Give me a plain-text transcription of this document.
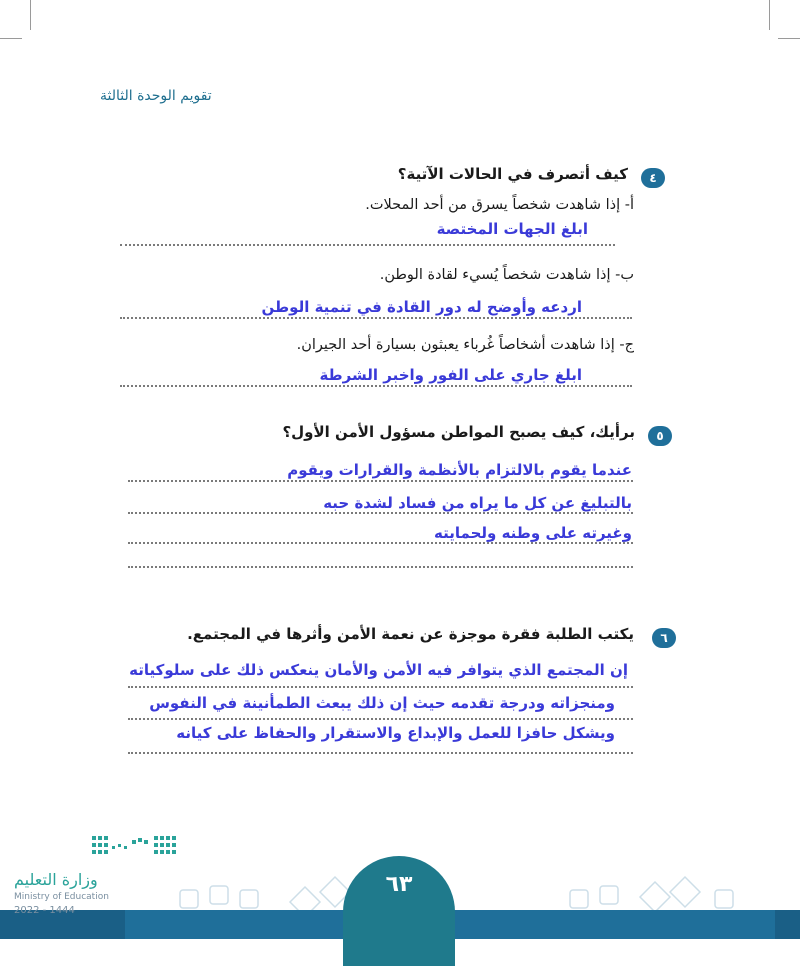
تقويم الوحدة الثالثة
٤
كيف أتصرف في الحالات الآتية؟
أ- إذا شاهدت شخصاً يسرق من أحد المحلات.
ابلغ الجهات المختصة
ب- إذا شاهدت شخصاً يُسيء لقادة الوطن.
اردعه وأوضح له دور القادة في تنمية الوطن
ج- إذا شاهدت أشخاصاً غُرباء يعبثون بسيارة أحد الجيران.
ابلغ جاري على الفور واخبر الشرطة
٥
برأيك، كيف يصبح المواطن مسؤول الأمن الأول؟
عندما يقوم بالالتزام بالأنظمة والقرارات ويقوم
بالتبليغ عن كل ما يراه من فساد لشدة حبه
وغيرته على وطنه ولحمايته
٦
يكتب الطلبة فقرة موجزة عن نعمة الأمن وأثرها في المجتمع.
إن المجتمع الذي يتوافر فيه الأمن والأمان ينعكس ذلك على سلوكياته
ومنجزاته ودرجة تقدمه حيث إن ذلك يبعث الطمأنينة في النفوس
ويشكل حافزا للعمل والإبداع والاستقرار والحفاظ على كيانه
٦٣
وزارة التعليم
Ministry of Education
2022 - 1444
